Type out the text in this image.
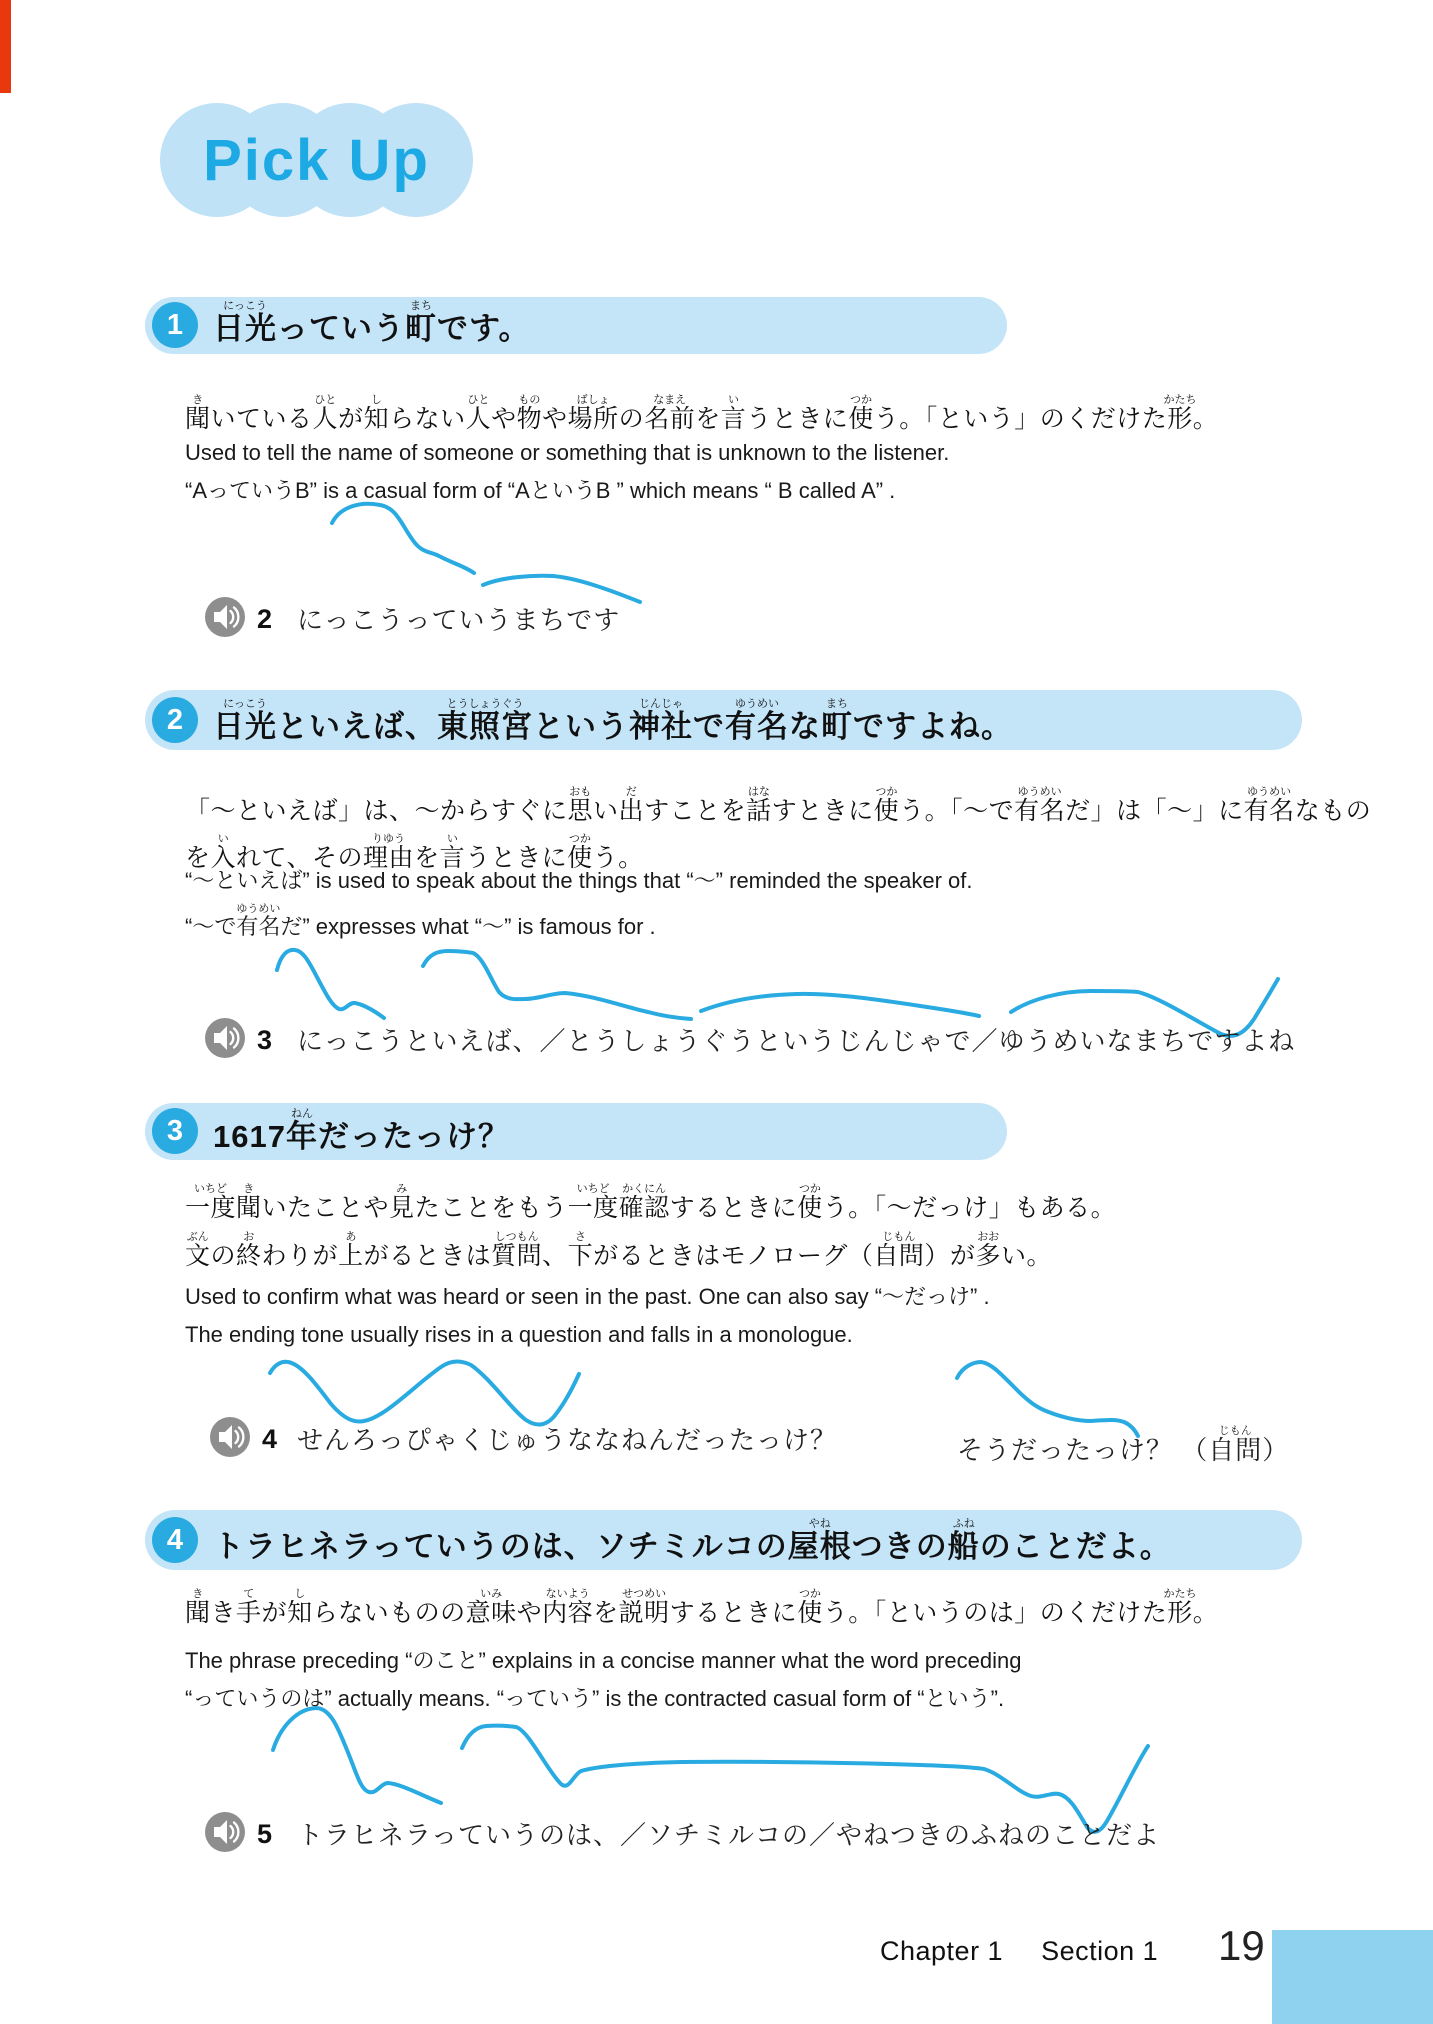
Pick Up
1 日光にっこうっていう町まちです。
聞きいている人ひとが知しらない人ひとや物ものや場所ばしょの名前なまえを言いうときに使つかう。「という」のくだけた形かたち。
Used to tell the name of someone or something that is unknown to the listener.
“AっていうB” is a casual form of “AというB ” which means “ B called A” .
2 にっこうっていうまちです
2 日光にっこうといえば、東照宮とうしょうぐうという神社じんじゃで有名ゆうめいな町まちですよね。
「〜といえば」は、〜からすぐに思おもい出だすことを話はなすときに使つかう。「〜で有名ゆうめいだ」は「〜」に有名ゆうめいなもの
を入いれて、その理由りゆうを言いうときに使つかう。
“〜といえば” is used to speak about the things that “〜” reminded the speaker of.
“〜で有名ゆうめいだ” expresses what “〜” is famous for .
3 にっこうといえば、／とうしょうぐうというじんじゃで／ゆうめいなまちですよね
3 1617年ねんだったっけ？
一度いちど聞きいたことや見みたことをもう一度いちど確認かくにんするときに使つかう。「〜だっけ」もある。
文ぶんの終おわりが上あがるときは質問しつもん、下さがるときはモノローグ（自問じもん）が多おおい。
Used to confirm what was heard or seen in the past. One can also say “〜だっけ” .
The ending tone usually rises in a question and falls in a monologue.
4 せんろっぴゃくじゅうななねんだったっけ？	そうだったっけ？ （自問じもん）
4 トラヒネラっていうのは、ソチミルコの屋根やねつきの船ふねのことだよ。
聞きき手てが知しらないものの意味いみや内容ないようを説明せつめいするときに使つかう。「というのは」のくだけた形かたち。
The phrase preceding “のこと” explains in a concise manner what the word preceding
“っていうのは” actually means. “っていう” is the contracted casual form of “という”.
5 トラヒネラっていうのは、／ソチミルコの／やねつきのふねのことだよ
Chapter 1 Section 1 19
